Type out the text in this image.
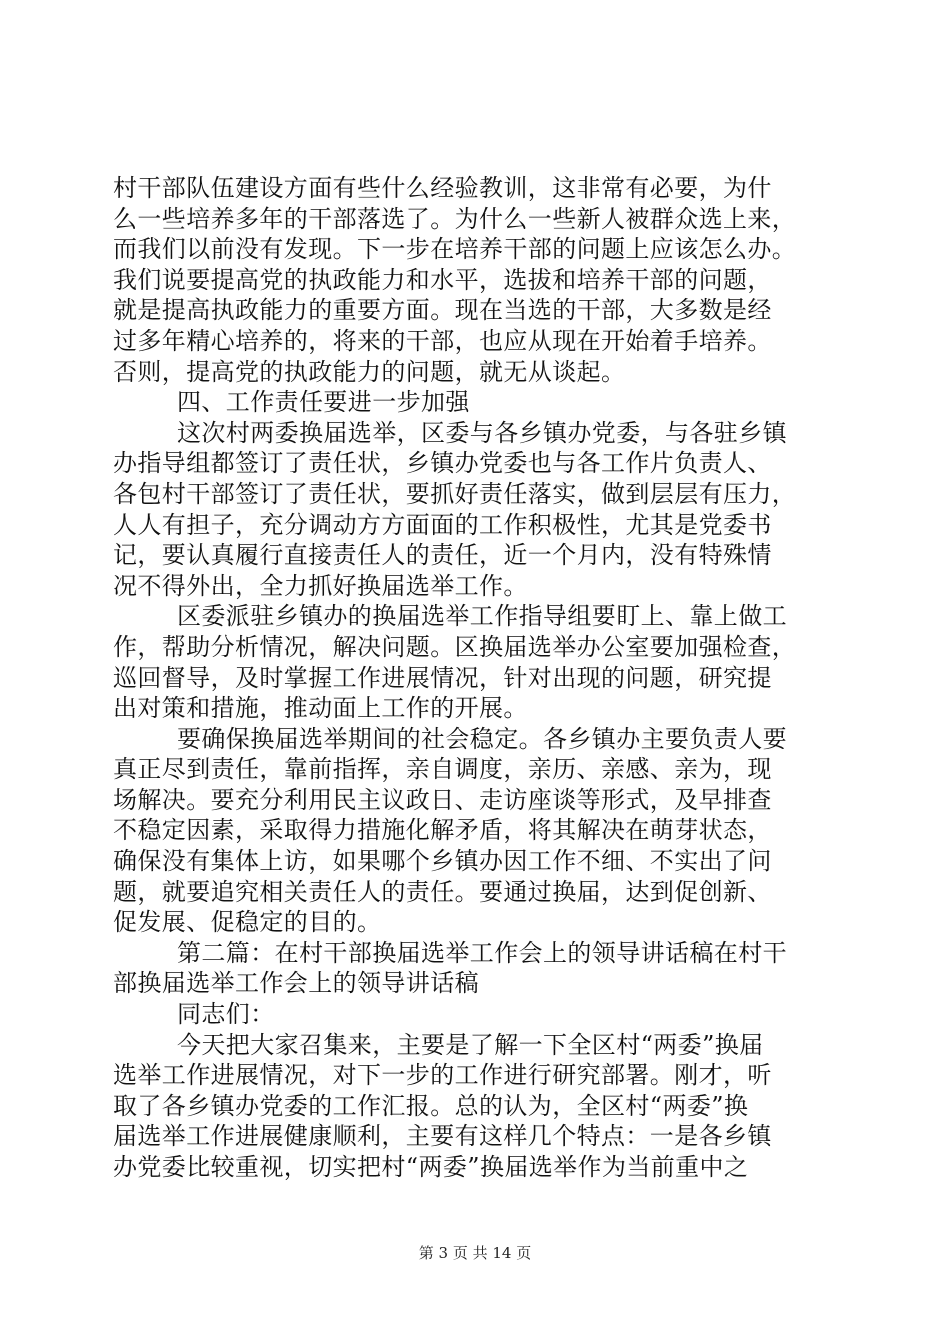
村干部队伍建设方面有些什么经验教训，这非常有必要，为什
么一些培养多年的干部落选了。为什么一些新人被群众选上来，
而我们以前没有发现。下一步在培养干部的问题上应该怎么办。
我们说要提高党的执政能力和水平，选拔和培养干部的问题，
就是提高执政能力的重要方面。现在当选的干部，大多数是经
过多年精心培养的，将来的干部，也应从现在开始着手培养。
否则，提高党的执政能力的问题，就无从谈起。
四、工作责任要进一步加强
这次村两委换届选举，区委与各乡镇办党委，与各驻乡镇
办指导组都签订了责任状，乡镇办党委也与各工作片负责人、
各包村干部签订了责任状，要抓好责任落实，做到层层有压力，
人人有担子，充分调动方方面面的工作积极性，尤其是党委书
记，要认真履行直接责任人的责任，近一个月内，没有特殊情
况不得外出，全力抓好换届选举工作。
区委派驻乡镇办的换届选举工作指导组要盯上、靠上做工
作，帮助分析情况，解决问题。区换届选举办公室要加强检查，
巡回督导，及时掌握工作进展情况，针对出现的问题，研究提
出对策和措施，推动面上工作的开展。
要确保换届选举期间的社会稳定。各乡镇办主要负责人要
真正尽到责任，靠前指挥，亲自调度，亲历、亲感、亲为，现
场解决。要充分利用民主议政日、走访座谈等形式，及早排查
不稳定因素，采取得力措施化解矛盾，将其解决在萌芽状态，
确保没有集体上访，如果哪个乡镇办因工作不细、不实出了问
题，就要追究相关责任人的责任。要通过换届，达到促创新、
促发展、促稳定的目的。
第二篇：在村干部换届选举工作会上的领导讲话稿在村干
部换届选举工作会上的领导讲话稿
同志们：
今天把大家召集来，主要是了解一下全区村“两委”换届
选举工作进展情况，对下一步的工作进行研究部署。刚才，听
取了各乡镇办党委的工作汇报。总的认为，全区村“两委”换
届选举工作进展健康顺利，主要有这样几个特点：一是各乡镇
办党委比较重视，切实把村“两委”换届选举作为当前重中之
第 3 页 共 14 页
